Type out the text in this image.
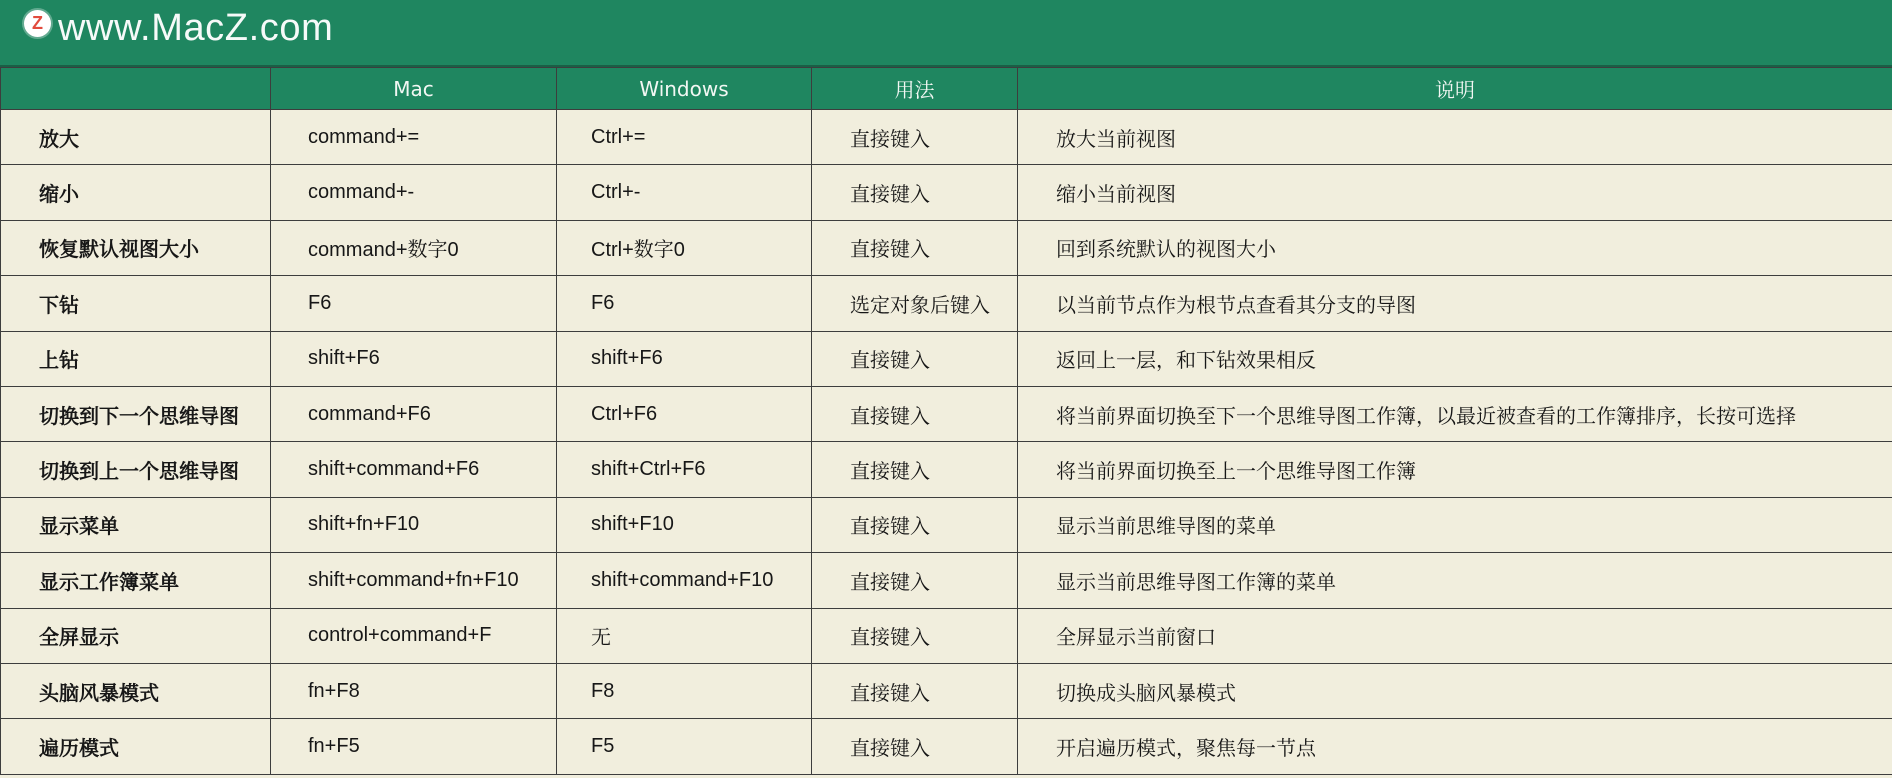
Z www.MacZ.com
	Mac	Windows	用法	说明
放大	command+=	Ctrl+=	直接键入	放大当前视图
缩小	command+-	Ctrl+-	直接键入	缩小当前视图
恢复默认视图大小	command+数字0	Ctrl+数字0	直接键入	回到系统默认的视图大小
下钻	F6	F6	选定对象后键入	以当前节点作为根节点查看其分支的导图
上钻	shift+F6	shift+F6	直接键入	返回上一层，和下钻效果相反
切换到下一个思维导图	command+F6	Ctrl+F6	直接键入	将当前界面切换至下一个思维导图工作簿，以最近被查看的工作簿排序，长按可选择
切换到上一个思维导图	shift+command+F6	shift+Ctrl+F6	直接键入	将当前界面切换至上一个思维导图工作簿
显示菜单	shift+fn+F10	shift+F10	直接键入	显示当前思维导图的菜单
显示工作簿菜单	shift+command+fn+F10	shift+command+F10	直接键入	显示当前思维导图工作簿的菜单
全屏显示	control+command+F	无	直接键入	全屏显示当前窗口
头脑风暴模式	fn+F8	F8	直接键入	切换成头脑风暴模式
遍历模式	fn+F5	F5	直接键入	开启遍历模式，聚焦每一节点
